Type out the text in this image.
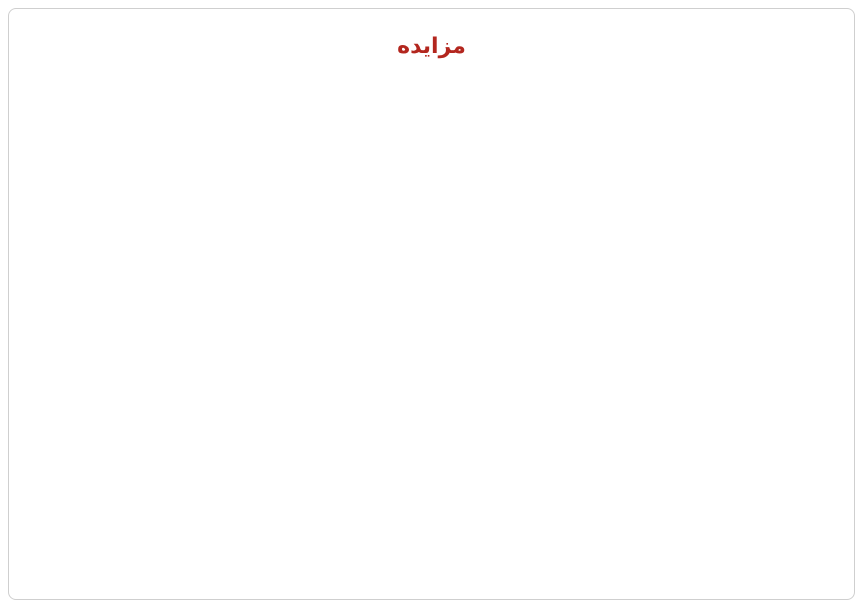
مزایده
